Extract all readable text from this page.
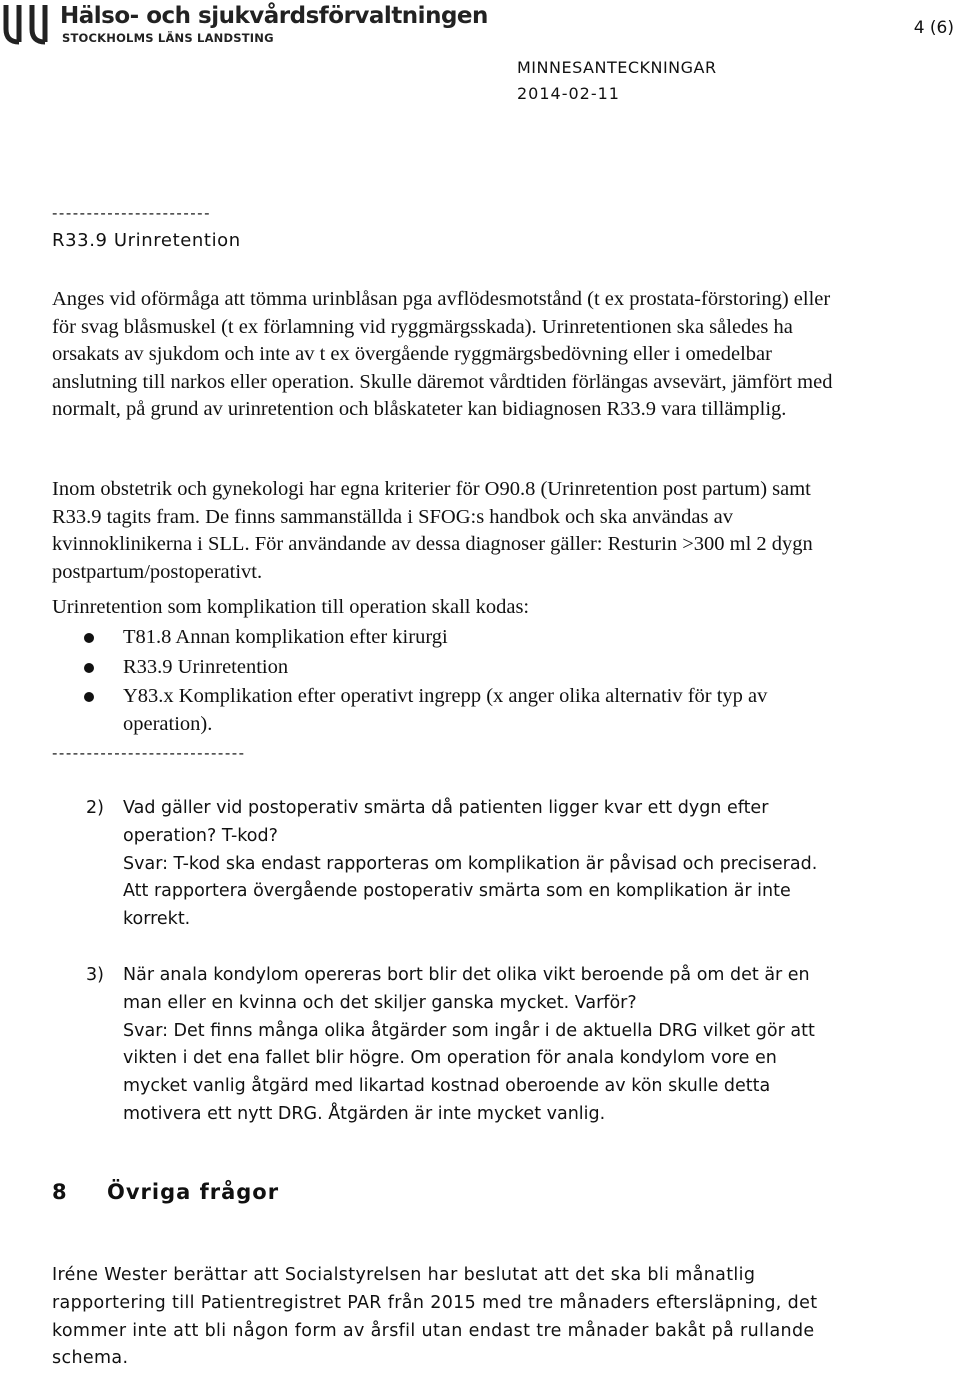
Hälso- och sjukvårdsförvaltningen
STOCKHOLMS LÄNS LANDSTING	4 (6)
MINNESANTECKNINGAR
2014-02-11
-----------------------
R33.9 Urinretention
Anges vid oförmåga att tömma urinblåsan pga avflödesmotstånd (t ex prostata-förstoring) eller för svag blåsmuskel (t ex förlamning vid ryggmärgsskada). Urinretentionen ska således ha orsakats av sjukdom och inte av t ex övergående ryggmärgsbedövning eller i omedelbar anslutning till narkos eller operation. Skulle däremot vårdtiden förlängas avsevärt, jämfört med normalt, på grund av urinretention och blåskateter kan bidiagnosen R33.9 vara tillämplig.
Inom obstetrik och gynekologi har egna kriterier för O90.8 (Urinretention post partum) samt R33.9 tagits fram. De finns sammanställda i SFOG:s handbok och ska användas av kvinnoklinikerna i SLL. För användande av dessa diagnoser gäller: Resturin >300 ml 2 dygn postpartum/postoperativt.
Urinretention som komplikation till operation skall kodas:
T81.8 Annan komplikation efter kirurgi
R33.9 Urinretention
Y83.x Komplikation efter operativt ingrepp (x anger olika alternativ för typ av operation).
----------------------------
2) Vad gäller vid postoperativ smärta då patienten ligger kvar ett dygn efter operation? T-kod?
Svar: T-kod ska endast rapporteras om komplikation är påvisad och preciserad. Att rapportera övergående postoperativ smärta som en komplikation är inte korrekt.
3) När anala kondylom opereras bort blir det olika vikt beroende på om det är en man eller en kvinna och det skiljer ganska mycket. Varför?
Svar: Det finns många olika åtgärder som ingår i de aktuella DRG vilket gör att vikten i det ena fallet blir högre. Om operation för anala kondylom vore en mycket vanlig åtgärd med likartad kostnad oberoende av kön skulle detta motivera ett nytt DRG. Åtgärden är inte mycket vanlig.
8 Övriga frågor
Iréne Wester berättar att Socialstyrelsen har beslutat att det ska bli månatlig rapportering till Patientregistret PAR från 2015 med tre månaders eftersläpning, det kommer inte att bli någon form av årsfil utan endast tre månader bakåt på rullande schema.
